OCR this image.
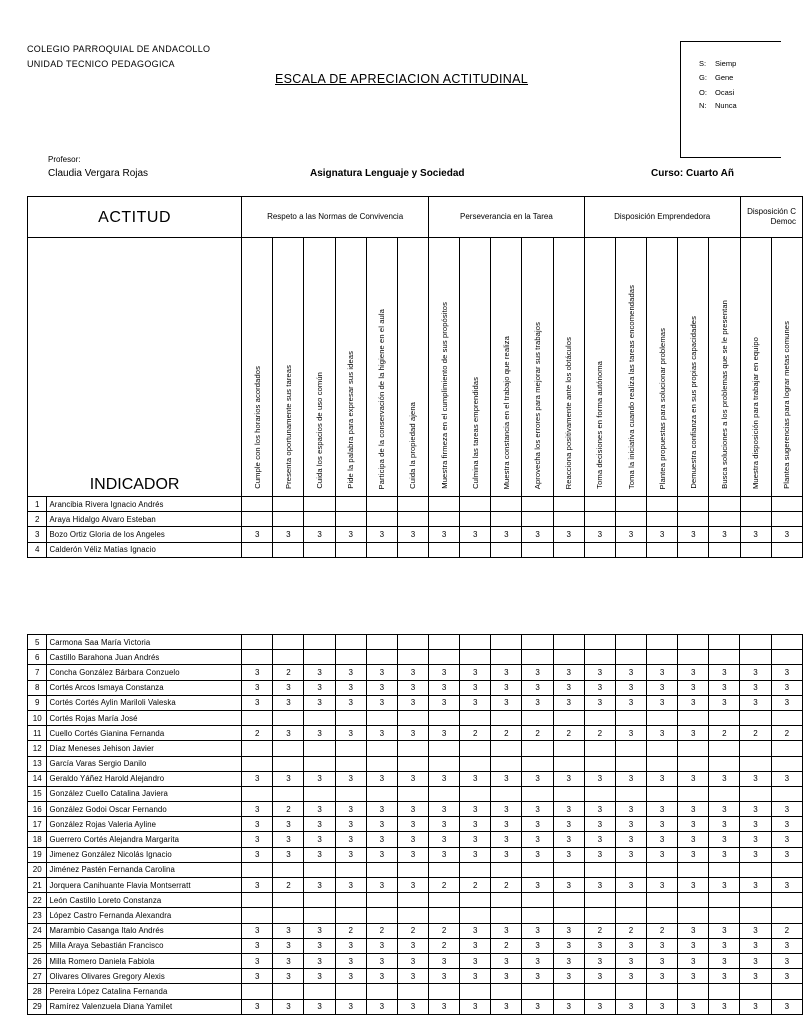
COLEGIO PARROQUIAL DE ANDACOLLO
UNIDAD TECNICO PEDAGOGICA
ESCALA DE APRECIACION ACTITUDINAL
S: Siemp
G: Gene
O: Ocasi
N: Nunca
Profesor:
Claudia Vergara Rojas	Asignatura Lenguaje y Sociedad	Curso: Cuarto Añ
ACTITUD		Respeto a las Normas de Convivencia						Perseverancia en la Tarea					Disposición Emprendedora					Disposición C
Democ	
INDICADOR		Cumple con los horarios acordados	Presenta oportunamente sus tareas	Cuida los espacios de uso común	Pide la palabra para expresar sus ideas	Participa de la conservación de la higiene en el aula	Cuida la propiedad ajena	Muestra firmeza en el cumplimiento de sus propósitos	Culmina las tareas emprendidas	Muestra constancia en el trabajo que realiza	Aprovecha los errores para mejorar sus trabajos	Reacciona positivamente ante los obtáculos	Toma decisiones en forma autónoma	Toma la iniciativa cuando realiza las tareas encomendadas	Plantea propuestas para solucionar problemas	Demuestra confianza en sus propias capacidades	Busca soluciones a los problemas que se le presentan	Muestra disposición para trabajar en equipo	Plantea sugerencias para lograr metas comunes
1	Arancibia Rivera Ignacio Andrés																		
2	Araya Hidalgo Alvaro Esteban																		
3	Bozo Ortiz Gloria de los Angeles	3	3	3	3	3	3	3	3	3	3	3	3	3	3	3	3	3	3
4	Calderón Véliz Matías Ignacio																		
5	Carmona Saa María Victoria																		
6	Castillo Barahona Juan Andrés																		
7	Concha González Bárbara Conzuelo	3	2	3	3	3	3	3	3	3	3	3	3	3	3	3	3	3	3
8	Cortés Arcos Ismaya Constanza	3	3	3	3	3	3	3	3	3	3	3	3	3	3	3	3	3	3
9	Cortés Cortés Aylin Mariloli Valeska	3	3	3	3	3	3	3	3	3	3	3	3	3	3	3	3	3	3
10	Cortés Rojas María José																		
11	Cuello Cortés Gianina Fernanda	2	3	3	3	3	3	3	2	2	2	2	2	3	3	3	2	2	2
12	Díaz Meneses Jehison Javier																		
13	García Varas Sergio Danilo																		
14	Geraldo Yáñez Harold Alejandro	3	3	3	3	3	3	3	3	3	3	3	3	3	3	3	3	3	3
15	González Cuello Catalina Javiera																		
16	González Godoi Oscar Fernando	3	2	3	3	3	3	3	3	3	3	3	3	3	3	3	3	3	3
17	González Rojas Valeria Ayline	3	3	3	3	3	3	3	3	3	3	3	3	3	3	3	3	3	3
18	Guerrero Cortés Alejandra Margarita	3	3	3	3	3	3	3	3	3	3	3	3	3	3	3	3	3	3
19	Jimenez González Nicolás Ignacio	3	3	3	3	3	3	3	3	3	3	3	3	3	3	3	3	3	3
20	Jiménez Pastén Fernanda Carolina																		
21	Jorquera Canihuante Flavia Montserratt	3	2	3	3	3	3	2	2	2	3	3	3	3	3	3	3	3	3
22	León Castillo Loreto Constanza																		
23	López Castro Fernanda Alexandra																		
24	Marambio Casanga Italo Andrés	3	3	3	2	2	2	2	3	3	3	3	2	2	2	3	3	3	2
25	Milla Araya Sebastián Francisco	3	3	3	3	3	3	2	3	2	3	3	3	3	3	3	3	3	3
26	Milla Romero Daniela Fabiola	3	3	3	3	3	3	3	3	3	3	3	3	3	3	3	3	3	3
27	Olivares Olivares Gregory Alexis	3	3	3	3	3	3	3	3	3	3	3	3	3	3	3	3	3	3
28	Pereira López Catalina Fernanda																		
29	Ramírez Valenzuela Diana Yamilet	3	3	3	3	3	3	3	3	3	3	3	3	3	3	3	3	3	3
